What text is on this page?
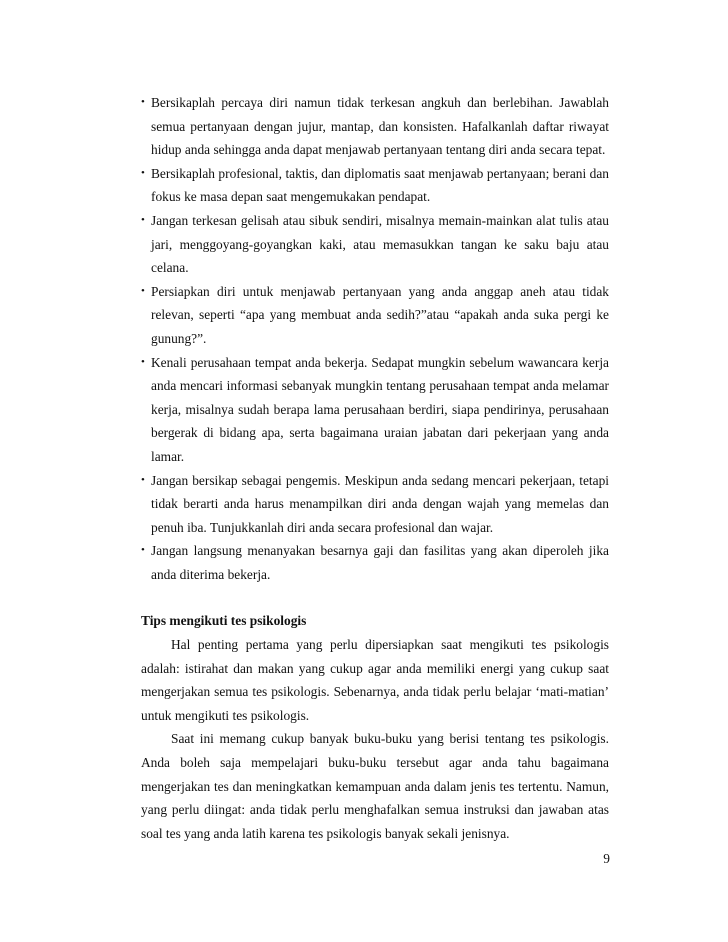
• Bersikaplah percaya diri namun tidak terkesan angkuh dan berlebihan. Jawablah semua pertanyaan dengan jujur, mantap, dan konsisten. Hafalkanlah daftar riwayat hidup anda sehingga anda dapat menjawab pertanyaan tentang diri anda secara tepat.
• Bersikaplah profesional, taktis, dan diplomatis saat menjawab pertanyaan; berani dan fokus ke masa depan saat mengemukakan pendapat.
• Jangan terkesan gelisah atau sibuk sendiri, misalnya memain-mainkan alat tulis atau jari, menggoyang-goyangkan kaki, atau memasukkan tangan ke saku baju atau celana.
• Persiapkan diri untuk menjawab pertanyaan yang anda anggap aneh atau tidak relevan, seperti “apa yang membuat anda sedih?”atau “apakah anda suka pergi ke gunung?”.
• Kenali perusahaan tempat anda bekerja. Sedapat mungkin sebelum wawancara kerja anda mencari informasi sebanyak mungkin tentang perusahaan tempat anda melamar kerja, misalnya sudah berapa lama perusahaan berdiri, siapa pendirinya, perusahaan bergerak di bidang apa, serta bagaimana uraian jabatan dari pekerjaan yang anda lamar.
• Jangan bersikap sebagai pengemis. Meskipun anda sedang mencari pekerjaan, tetapi tidak berarti anda harus menampilkan diri anda dengan wajah yang memelas dan penuh iba. Tunjukkanlah diri anda secara profesional dan wajar.
• Jangan langsung menanyakan besarnya gaji dan fasilitas yang akan diperoleh jika anda diterima bekerja.
Tips mengikuti tes psikologis

Hal penting pertama yang perlu dipersiapkan saat mengikuti tes psikologis adalah: istirahat dan makan yang cukup agar anda memiliki energi yang cukup saat mengerjakan semua tes psikologis. Sebenarnya, anda tidak perlu belajar ‘mati-matian’ untuk mengikuti tes psikologis.

Saat ini memang cukup banyak buku-buku yang berisi tentang tes psikologis. Anda boleh saja mempelajari buku-buku tersebut agar anda tahu bagaimana mengerjakan tes dan meningkatkan kemampuan anda dalam jenis tes tertentu. Namun, yang perlu diingat: anda tidak perlu menghafalkan semua instruksi dan jawaban atas soal tes yang anda latih karena tes psikologis banyak sekali jenisnya.

9
